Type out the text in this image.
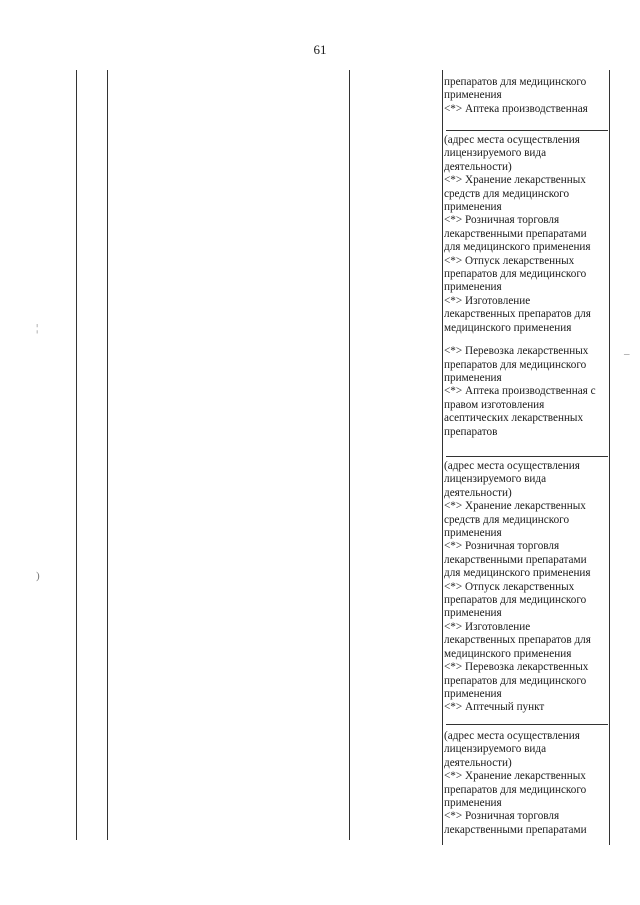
61
¦
)
–
препаратов для медицинского
применения
<*> Аптека производственная
(адрес места осуществления
лицензируемого вида
деятельности)
<*> Хранение лекарственных
средств для медицинского
применения
<*> Розничная торговля
лекарственными препаратами
для медицинского применения
<*> Отпуск лекарственных
препаратов для медицинского
применения
<*> Изготовление
лекарственных препаратов для
медицинского применения
<*> Перевозка лекарственных
препаратов для медицинского
применения
<*> Аптека производственная с
правом изготовления
асептических лекарственных
препаратов
(адрес места осуществления
лицензируемого вида
деятельности)
<*> Хранение лекарственных
средств для медицинского
применения
<*> Розничная торговля
лекарственными препаратами
для медицинского применения
<*> Отпуск лекарственных
препаратов для медицинского
применения
<*> Изготовление
лекарственных препаратов для
медицинского применения
<*> Перевозка лекарственных
препаратов для медицинского
применения
<*> Аптечный пункт
(адрес места осуществления
лицензируемого вида
деятельности)
<*> Хранение лекарственных
препаратов для медицинского
применения
<*> Розничная торговля
лекарственными препаратами
